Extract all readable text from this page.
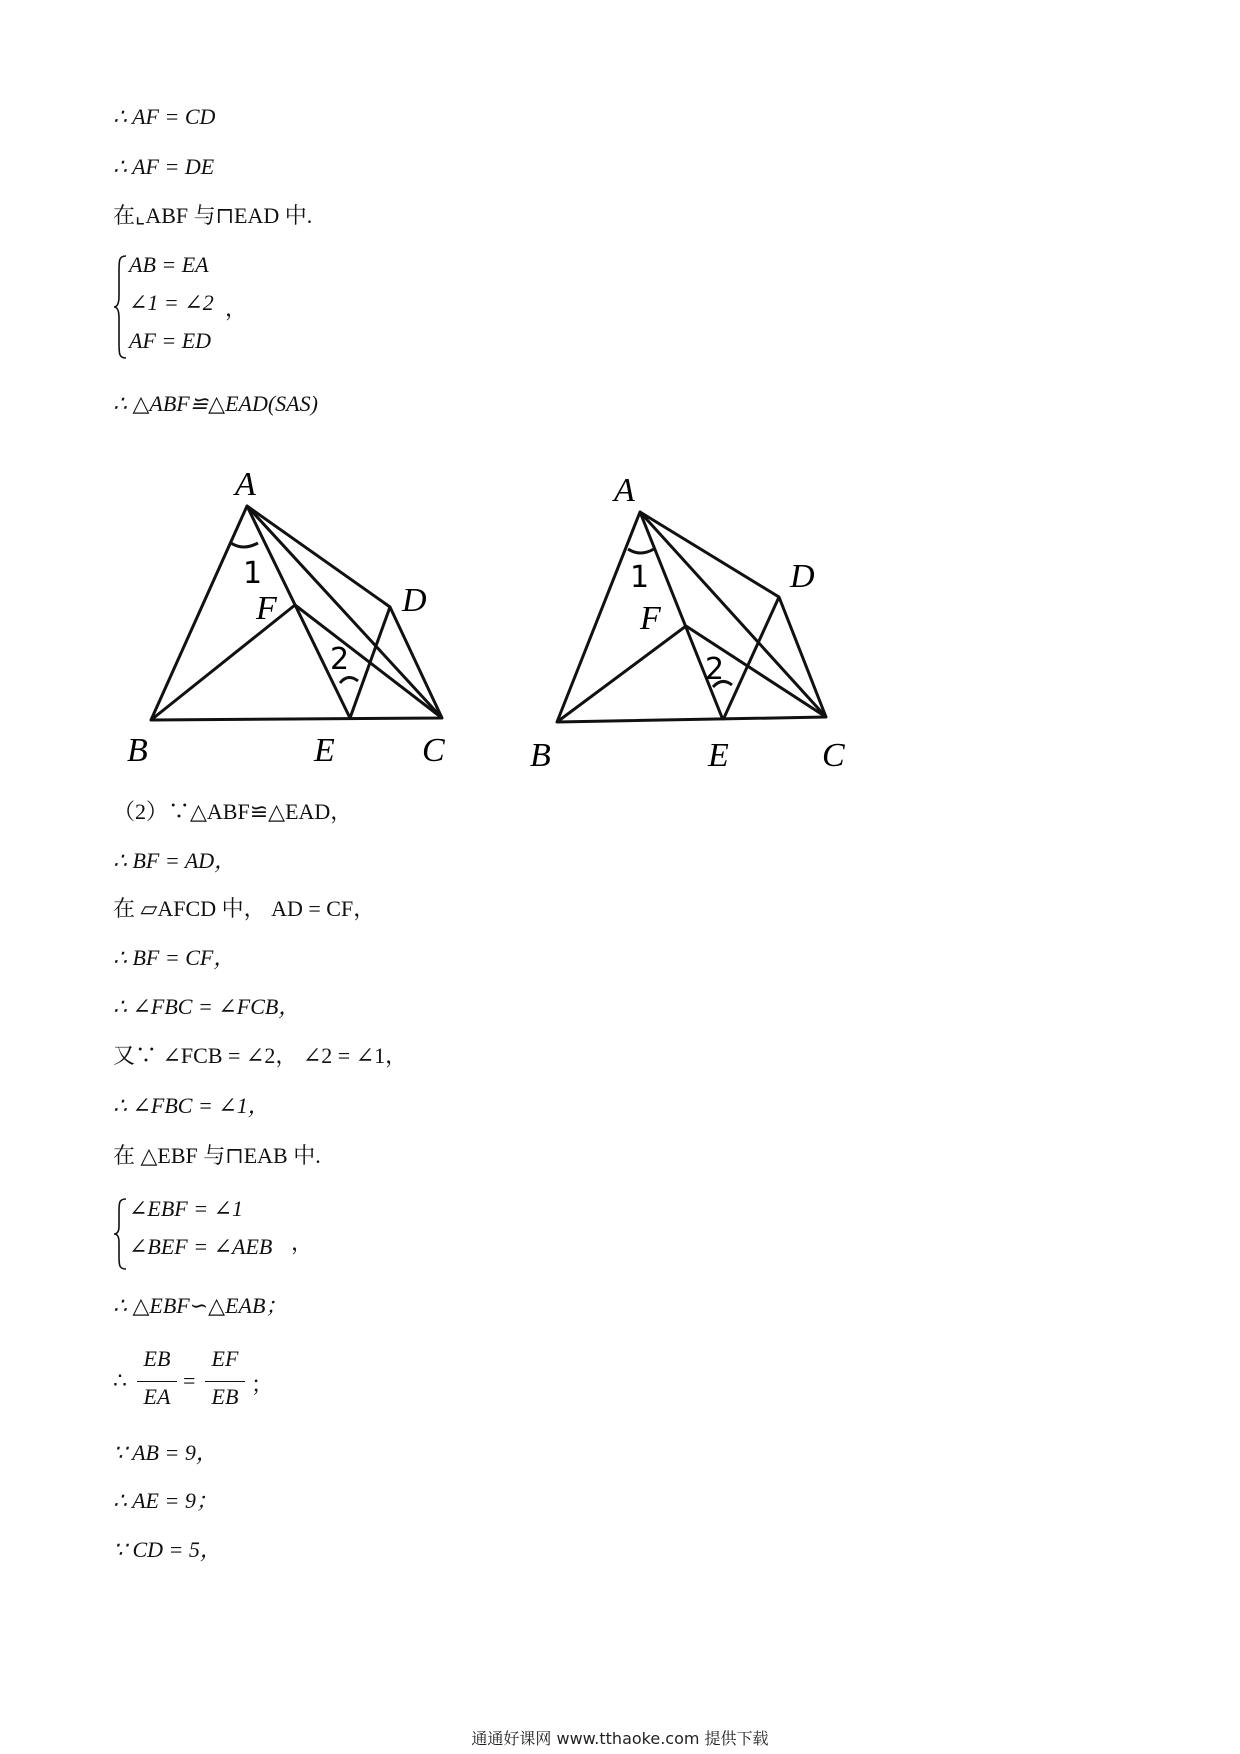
∴ AF = CD
∴ AF = DE
在⌞ABF 与⊓EAD 中.
AB = EA
∠1 = ∠2
AF = ED
，
∴ △ABF≌△EAD(SAS)
A
B	C
D
E
F
1
2
A
B	C
D
E
F
1
2
（2）∵△ABF≌△EAD，
∴ BF = AD，
在 ▱AFCD 中， AD = CF，
∴ BF = CF，
∴ ∠FBC = ∠FCB，
又∵ ∠FCB = ∠2， ∠2 = ∠1，
∴ ∠FBC = ∠1，
在 △EBF 与⊓EAB 中.
∠EBF = ∠1
∠BEF = ∠AEB ，
∴ △EBF∽△EAB；
∴
EB
EA
=
EF
EB ；
∵ AB = 9，
∴ AE = 9；
∵ CD = 5，
通通好课网 www.tthaoke.com 提供下载
